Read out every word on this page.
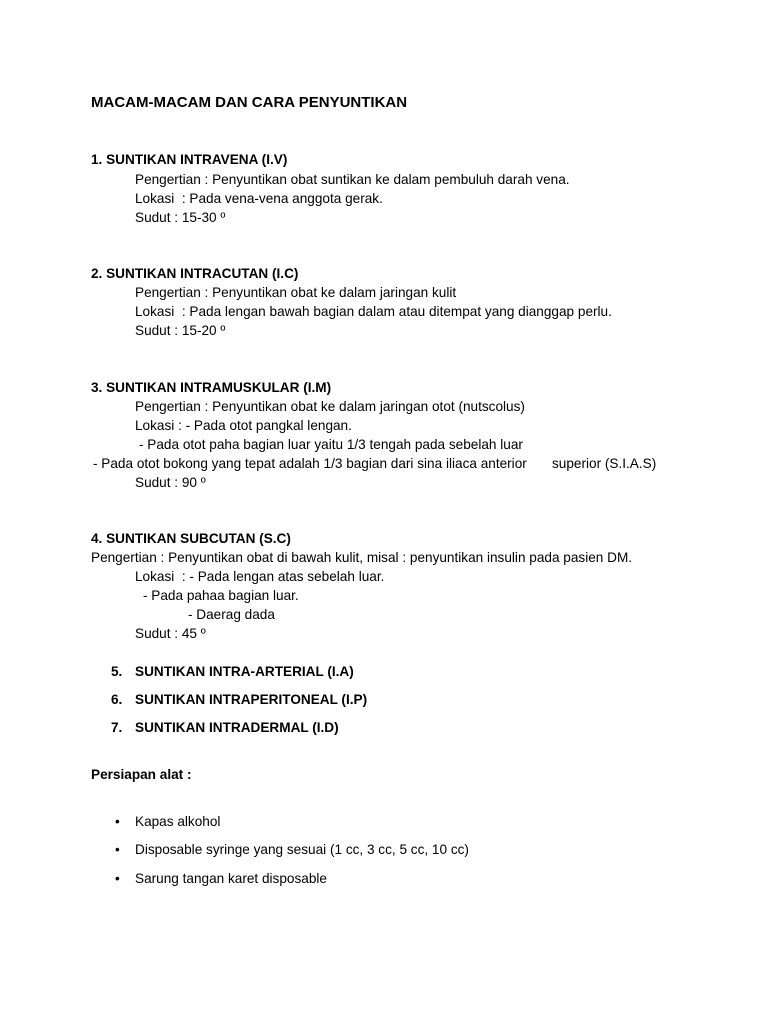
MACAM-MACAM DAN CARA PENYUNTIKAN
1. SUNTIKAN INTRAVENA (I.V)
Pengertian : Penyuntikan obat suntikan ke dalam pembuluh darah vena.
Lokasi  : Pada vena-vena anggota gerak.
Sudut : 15-30 º
2. SUNTIKAN INTRACUTAN (I.C)
Pengertian : Penyuntikan obat ke dalam jaringan kulit
Lokasi  : Pada lengan bawah bagian dalam atau ditempat yang dianggap perlu.
Sudut : 15-20 º
3. SUNTIKAN INTRAMUSKULAR (I.M)
Pengertian : Penyuntikan obat ke dalam jaringan otot (nutscolus)
Lokasi : - Pada otot pangkal lengan.
- Pada otot paha bagian luar yaitu 1/3 tengah pada sebelah luar
- Pada otot bokong yang tepat adalah 1/3 bagian dari sina iliaca anterior superior (S.I.A.S)
Sudut : 90 º
4. SUNTIKAN SUBCUTAN (S.C)
Pengertian : Penyuntikan obat di bawah kulit, misal : penyuntikan insulin pada pasien DM.
Lokasi  : - Pada lengan atas sebelah luar.
- Pada pahaa bagian luar.
- Daerag dada
Sudut : 45 º
5. SUNTIKAN INTRA-ARTERIAL (I.A)
6. SUNTIKAN INTRAPERITONEAL (I.P)
7. SUNTIKAN INTRADERMAL (I.D)
Persiapan alat :
• Kapas alkohol
• Disposable syringe yang sesuai (1 cc, 3 cc, 5 cc, 10 cc)
• Sarung tangan karet disposable
